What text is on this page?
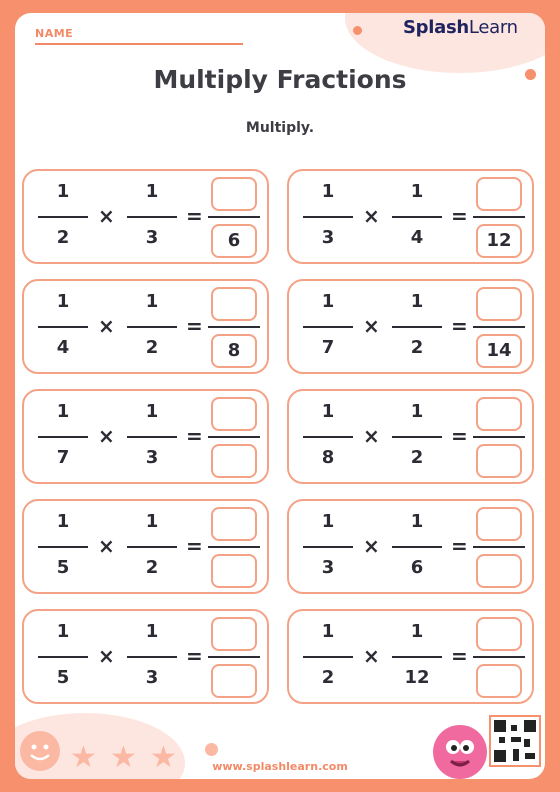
NAME	SplashLearn
Multiply Fractions
Multiply.
1
2
×
1
3
=
6
1
3
×
1
4
=
12
1
4
×
1
2
=
8
1
7
×
1
2
=
14
1
7
×
1
3
=
1
8
×
1
2
=
1
5
×
1
2
=
1
3
×
1
6
=
1
5
×
1
3
=
1
2
×
1
12
=
★ ★ ★	www.splashlearn.com
